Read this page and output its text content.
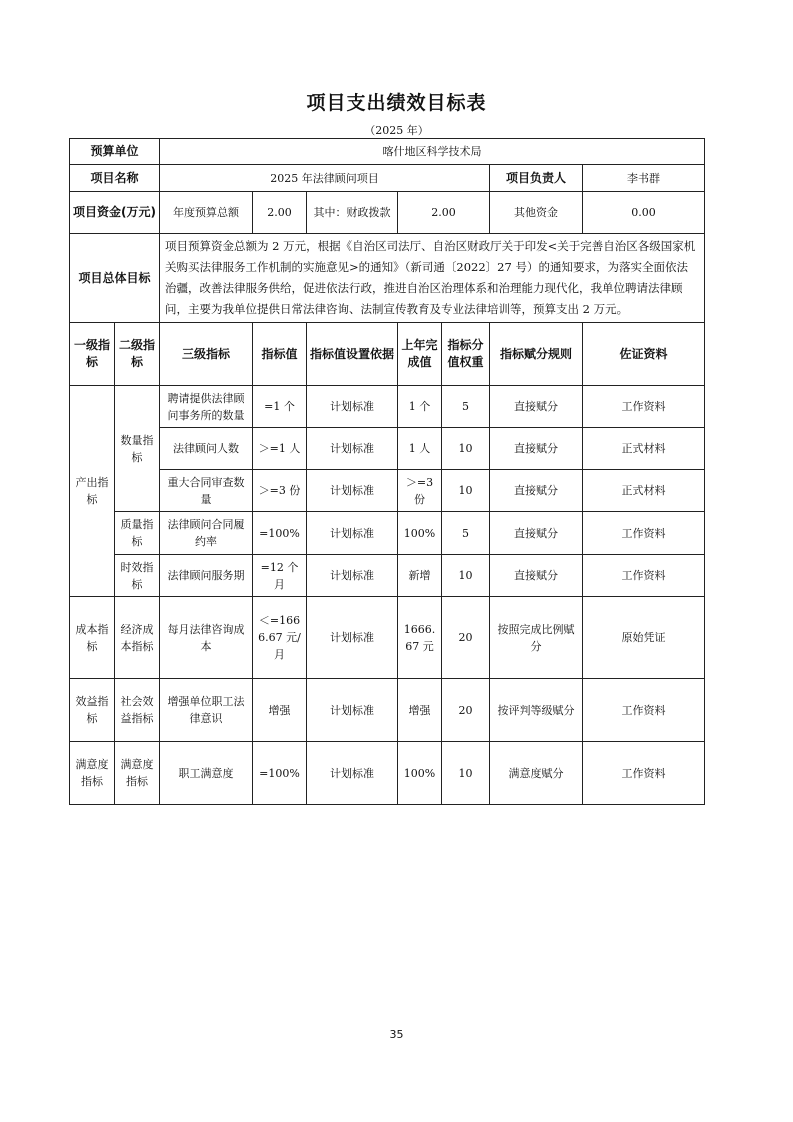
项目支出绩效目标表
（2025 年）
预算单位		喀什地区科学技术局						
项目名称		2025 年法律顾问项目					项目负责人	李书群
项目资金(万元)		年度预算总额	2.00	其中：财政拨款	2.00		其他资金	0.00
项目总体目标		项目预算资金总额为 2 万元，根据《自治区司法厅、自治区财政厅关于印发<关于完善自治区各级国家机关购买法律服务工作机制的实施意见>的通知》（新司通〔2022〕27 号）的通知要求，为落实全面依法治疆，改善法律服务供给，促进依法行政，推进自治区治理体系和治理能力现代化，我单位聘请法律顾问，主要为我单位提供日常法律咨询、法制宣传教育及专业法律培训等，预算支出 2 万元。						
一级指标	二级指标	三级指标	指标值	指标值设置依据	上年完成值	指标分值权重	指标赋分规则	佐证资料
产出指标	数量指标	聘请提供法律顾问事务所的数量	=1 个	计划标准	1 个	5	直接赋分	工作资料
		法律顾问人数	＞=1 人	计划标准	1 人	10	直接赋分	正式材料
		重大合同审查数量	＞=3 份	计划标准	＞=3 份	10	直接赋分	正式材料
	质量指标	法律顾问合同履约率	=100%	计划标准	100%	5	直接赋分	工作资料
	时效指标	法律顾问服务期	=12 个月	计划标准	新增	10	直接赋分	工作资料
成本指标	经济成本指标	每月法律咨询成本	＜=1666.67 元/月	计划标准	1666.67 元	20	按照完成比例赋分	原始凭证
效益指标	社会效益指标	增强单位职工法律意识	增强	计划标准	增强	20	按评判等级赋分	工作资料
满意度指标	满意度指标	职工满意度	=100%	计划标准	100%	10	满意度赋分	工作资料
35
